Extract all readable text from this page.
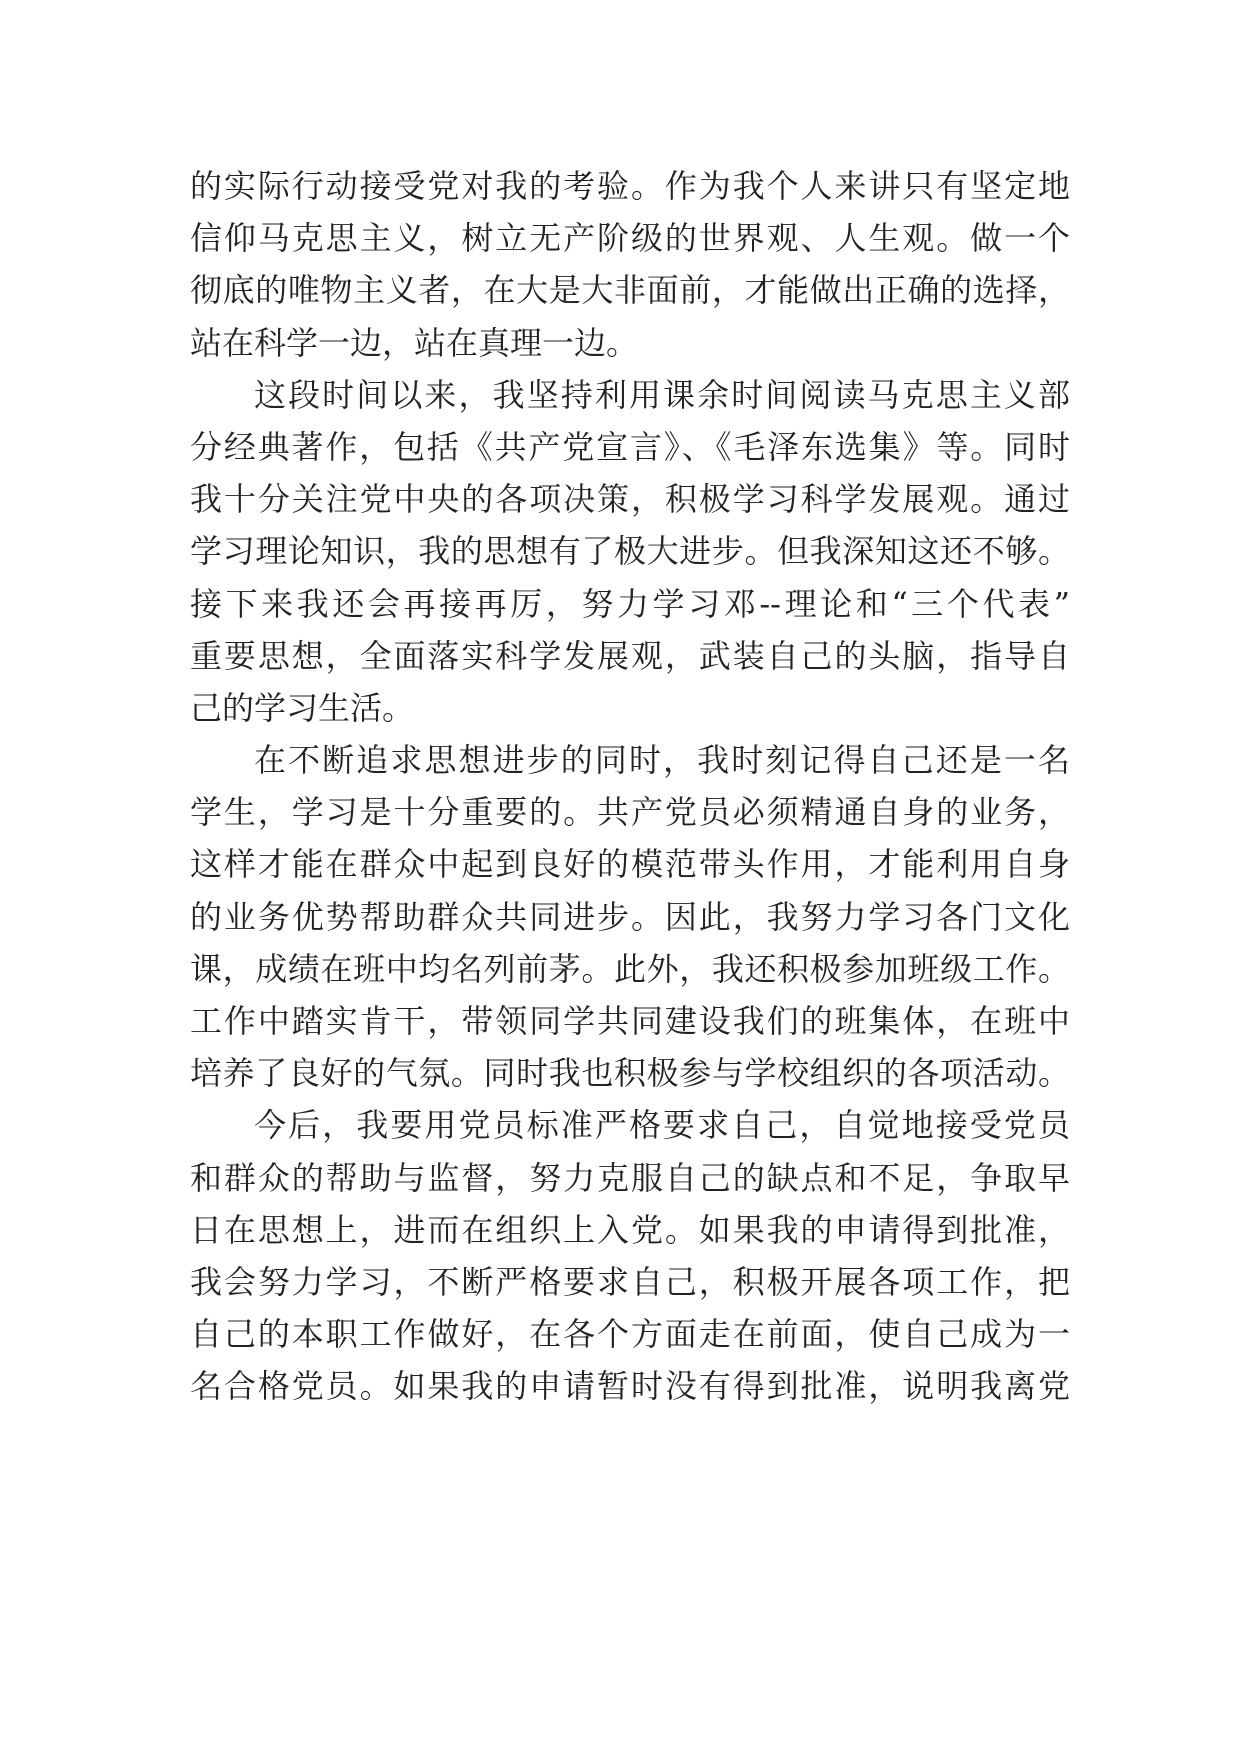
的实际行动接受党对我的考验。作为我个人来讲只有坚定地
信仰马克思主义，树立无产阶级的世界观、人生观。做一个
彻底的唯物主义者，在大是大非面前，才能做出正确的选择，
站在科学一边，站在真理一边。
这段时间以来，我坚持利用课余时间阅读马克思主义部
分经典著作，包括《共产党宣言》、《毛泽东选集》等。同时
我十分关注党中央的各项决策，积极学习科学发展观。通过
学习理论知识，我的思想有了极大进步。但我深知这还不够。
接下来我还会再接再厉，努力学习邓--理论和“三个代表”
重要思想，全面落实科学发展观，武装自己的头脑，指导自
己的学习生活。
在不断追求思想进步的同时，我时刻记得自己还是一名
学生，学习是十分重要的。共产党员必须精通自身的业务，
这样才能在群众中起到良好的模范带头作用，才能利用自身
的业务优势帮助群众共同进步。因此，我努力学习各门文化
课，成绩在班中均名列前茅。此外，我还积极参加班级工作。
工作中踏实肯干，带领同学共同建设我们的班集体，在班中
培养了良好的气氛。同时我也积极参与学校组织的各项活动。
今后，我要用党员标准严格要求自己，自觉地接受党员
和群众的帮助与监督，努力克服自己的缺点和不足，争取早
日在思想上，进而在组织上入党。如果我的申请得到批准，
我会努力学习，不断严格要求自己，积极开展各项工作，把
自己的本职工作做好，在各个方面走在前面，使自己成为一
名合格党员。如果我的申请暂时没有得到批准，说明我离党
